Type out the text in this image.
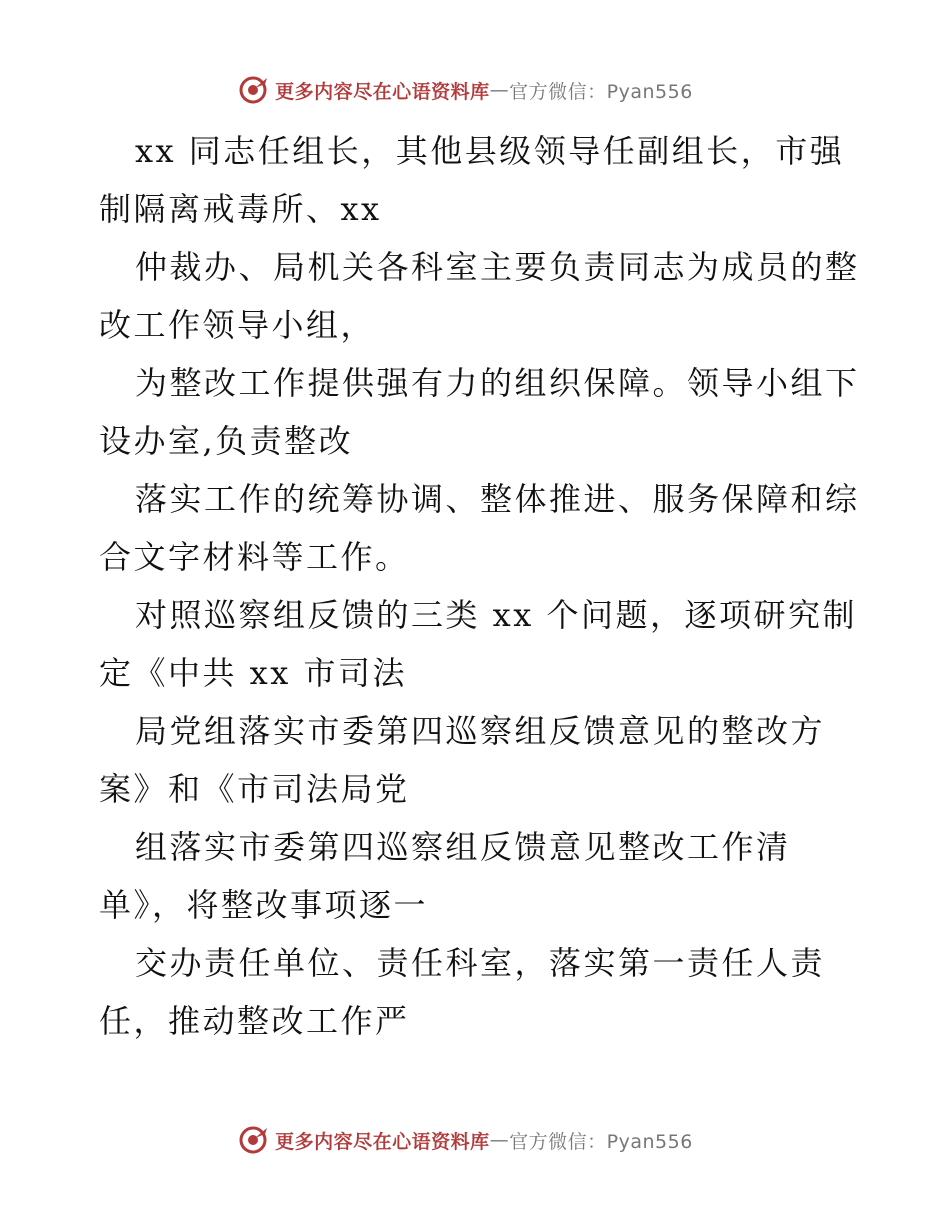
更多内容尽在心语资料库 — 官方微信：Pyan556

xx 同志任组长，其他县级领导任副组长，市强
制隔离戒毒所、xx

仲裁办、局机关各科室主要负责同志为成员的整
改工作领导小组，

为整改工作提供强有力的组织保障。领导小组下
设办室,负责整改

落实工作的统筹协调、整体推进、服务保障和综
合文字材料等工作。

对照巡察组反馈的三类 xx 个问题，逐项研究制
定《中共 xx 市司法

局党组落实市委第四巡察组反馈意见的整改方
案》和《市司法局党

组落实市委第四巡察组反馈意见整改工作清
单》，将整改事项逐一

交办责任单位、责任科室，落实第一责任人责
任，推动整改工作严

更多内容尽在心语资料库 — 官方微信：Pyan556
